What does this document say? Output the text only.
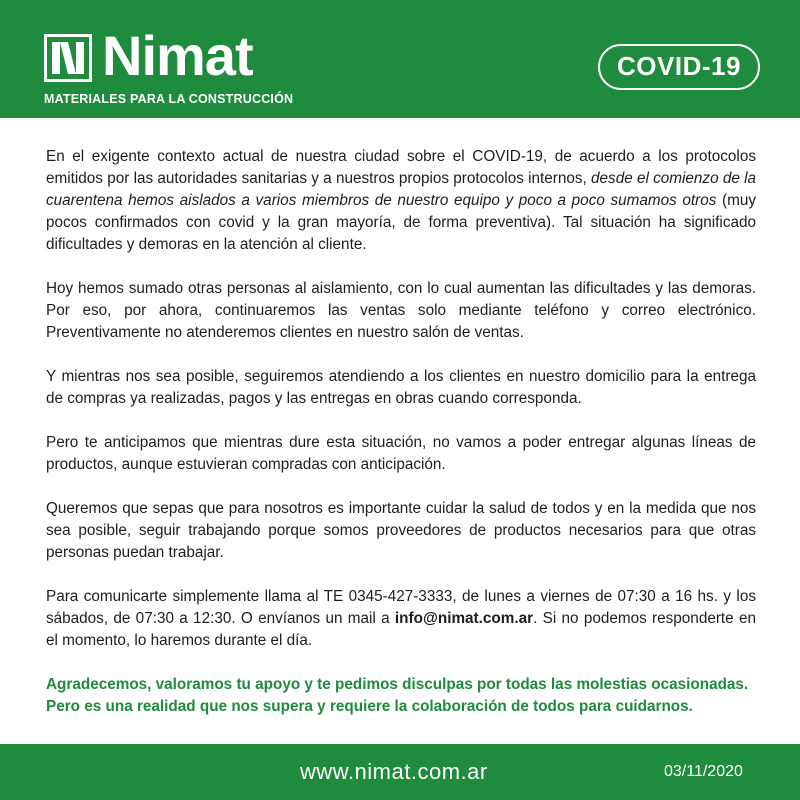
Nimat
MATERIALES PARA LA CONSTRUCCIÓN
COVID-19

En el exigente contexto actual de nuestra ciudad sobre el COVID-19, de acuerdo a los protocolos emitidos por las autoridades sanitarias y a nuestros propios protocolos internos, desde el comienzo de la cuarentena hemos aislados a varios miembros de nuestro equipo y poco a poco sumamos otros (muy pocos confirmados con covid y la gran mayoría, de forma preventiva). Tal situación ha significado dificultades y demoras en la atención al cliente.

Hoy hemos sumado otras personas al aislamiento, con lo cual aumentan las dificultades y las demoras. Por eso, por ahora, continuaremos las ventas solo mediante teléfono y correo electrónico. Preventivamente no atenderemos clientes en nuestro salón de ventas.

Y mientras nos sea posible, seguiremos atendiendo a los clientes en nuestro domicilio para la entrega de compras ya realizadas, pagos y las entregas en obras cuando corresponda.

Pero te anticipamos que mientras dure esta situación, no vamos a poder entregar algunas líneas de productos, aunque estuvieran compradas con anticipación.

Queremos que sepas que para nosotros es importante cuidar la salud de todos y en la medida que nos sea posible, seguir trabajando porque somos proveedores de productos necesarios para que otras personas puedan trabajar.

Para comunicarte simplemente llama al TE 0345-427-3333, de lunes a viernes de 07:30 a 16 hs. y los sábados, de 07:30 a 12:30. O envíanos un mail a info@nimat.com.ar. Si no podemos responderte en el momento, lo haremos durante el día.

Agradecemos, valoramos tu apoyo y te pedimos disculpas por todas las molestias ocasionadas.
Pero es una realidad que nos supera y requiere la colaboración de todos para cuidarnos.

www.nimat.com.ar	03/11/2020
